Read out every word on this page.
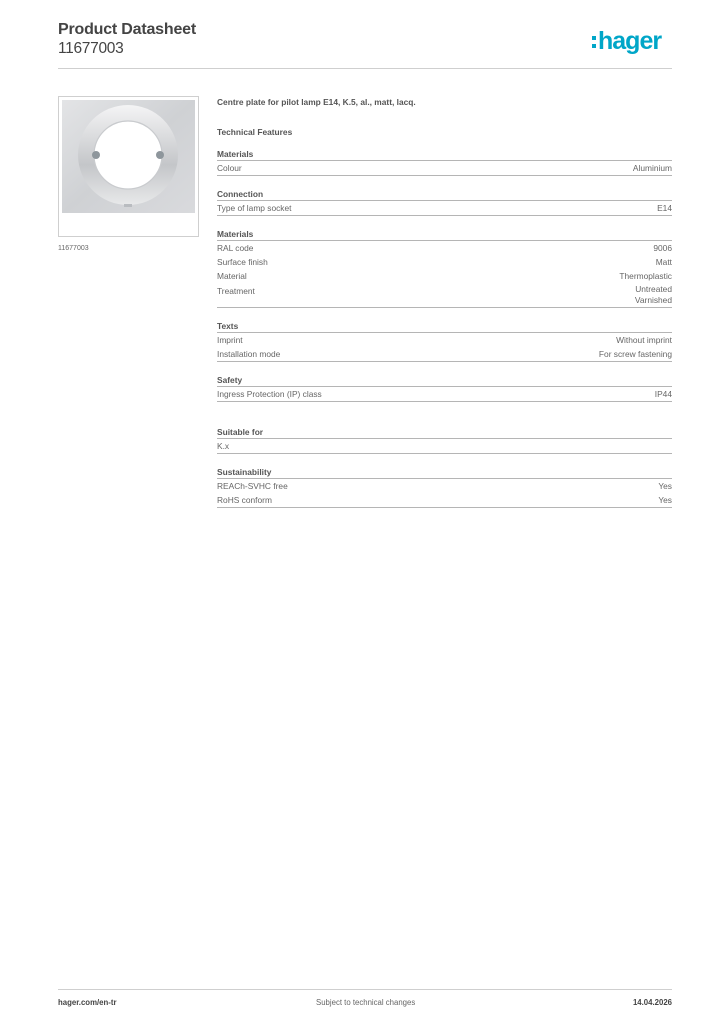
Product Datasheet
11677003	hager
11677003
Centre plate for pilot lamp E14, K.5, al., matt, lacq.
Technical Features
Materials
Colour	Aluminium
Connection
Type of lamp socket	E14
Materials
RAL code	9006
Surface finish	Matt
Material	Thermoplastic
Treatment	Untreated
Varnished
Texts
Imprint	Without imprint
Installation mode	For screw fastening
Safety
Ingress Protection (IP) class	IP44
Suitable for
K.x
Sustainability
REACh-SVHC free	Yes
RoHS conform	Yes
hager.com/en-tr	Subject to technical changes	14.04.2026
